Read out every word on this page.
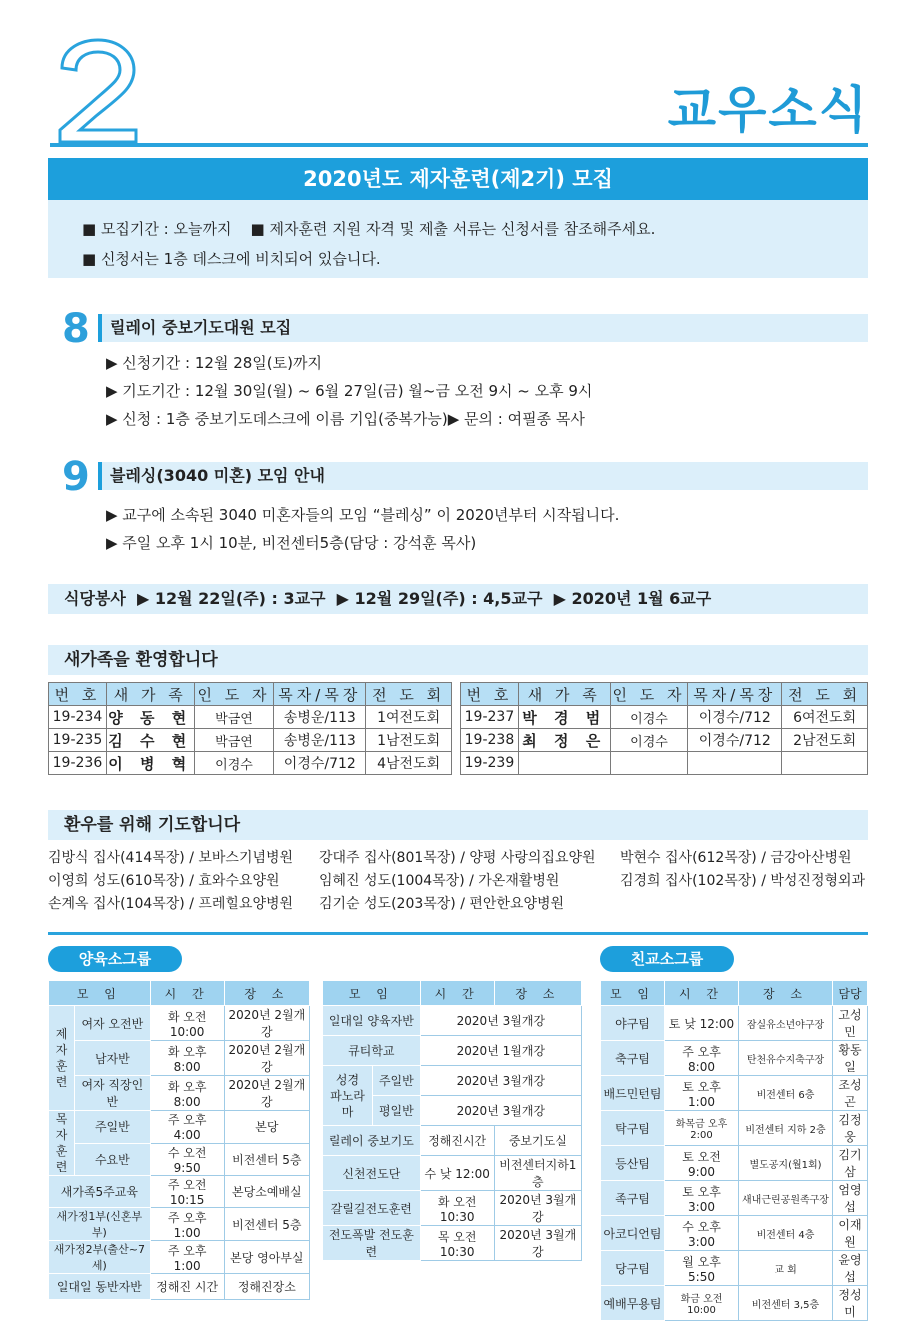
교우소식
2020년도 제자훈련(제2기) 모집
■ 모집기간 : 오늘까지    ■ 제자훈련 지원 자격 및 제출 서류는 신청서를 참조해주세요.
■ 신청서는 1층 데스크에 비치되어 있습니다.
8	릴레이 중보기도대원 모집
▶ 신청기간 : 12월 28일(토)까지
▶ 기도기간 : 12월 30일(월) ~ 6월 27일(금) 월~금 오전 9시 ~ 오후 9시
▶ 신청 : 1층 중보기도데스크에 이름 기입(중복가능)▶ 문의 : 여필종 목사
9	블레싱(3040 미혼) 모임 안내
▶ 교구에 소속된 3040 미혼자들의 모임 “블레싱” 이 2020년부터 시작됩니다.
▶ 주일 오후 1시 10분, 비전센터5층(담당 : 강석훈 목사)
식당봉사  ▶ 12월 22일(주) : 3교구  ▶ 12월 29일(주) : 4,5교구  ▶ 2020년 1월 6교구
새가족을 환영합니다
번 호	새 가 족	인 도 자	목자/목장	전 도 회
19-234	양 동 현	박금연	송병운/113	1여전도회
19-235	김 수 현	박금연	송병운/113	1남전도회
19-236	이 병 혁	이경수	이경수/712	4남전도회
번 호	새 가 족	인 도 자	목자/목장	전 도 회
19-237	박 경 범	이경수	이경수/712	6여전도회
19-238	최 정 은	이경수	이경수/712	2남전도회
19-239				
환우를 위해 기도합니다
김방식 집사(414목장) / 보바스기념병원
이영희 성도(610목장) / 효와수요양원
손계옥 집사(104목장) / 프레힐요양병원
강대주 집사(801목장) / 양평 사랑의집요양원
임혜진 성도(1004목장) / 가온재활병원
김기순 성도(203목장) / 편안한요양병원
박현수 집사(612목장) / 금강아산병원
김경희 집사(102목장) / 박성진정형외과
양육소그룹	친교소그룹
모 임		시 간	장 소
제자
훈련	여자 오전반	화 오전10:00	2020년 2월개강
	남자반	화 오후 8:00	2020년 2월개강
	여자 직장인반	화 오후 8:00	2020년 2월개강
목자
훈련	주일반	주 오후 4:00	본당
	수요반	수 오전 9:50	비전센터 5층
새가족5주교육		주 오전10:15	본당소예배실
새가정1부(신혼부부)		주 오후 1:00	비전센터 5층
새가정2부(출산~7세)		주 오후 1:00	본당 영아부실
일대일 동반자반		정해진 시간	정해진장소
모 임		시 간	장 소
일대일 양육자반		2020년 3월개강	
큐티학교		2020년 1월개강	
성경
파노라마	주일반	2020년 3월개강	
	평일반	2020년 3월개강	
릴레이 중보기도		정해진시간	중보기도실
신천전도단		수 낮 12:00	비전센터지하1층
갈릴길전도훈련		화 오전10:30	2020년 3월개강
전도폭발 전도훈련		목 오전10:30	2020년 3월개강
모 임	시 간	장 소	담당
야구팀	토 낮 12:00	잠실유소년야구장	고성민
축구팀	주 오후 8:00	탄천유수지축구장	황동일
배드민턴팀	토 오후 1:00	비전센터 6층	조성곤
탁구팀	화목금 오후 2:00	비전센터 지하 2층	김정웅
등산팀	토 오전 9:00	별도공지(월1회)	김기삼
족구팀	토 오후 3:00	새내근린공원족구장	엄영섭
아코디언팀	수 오후 3:00	비전센터 4층	이재원
당구팀	월 오후 5:50	교 회	윤영섭
예배무용팀	화금 오전10:00	비전센터 3,5층	정성미
